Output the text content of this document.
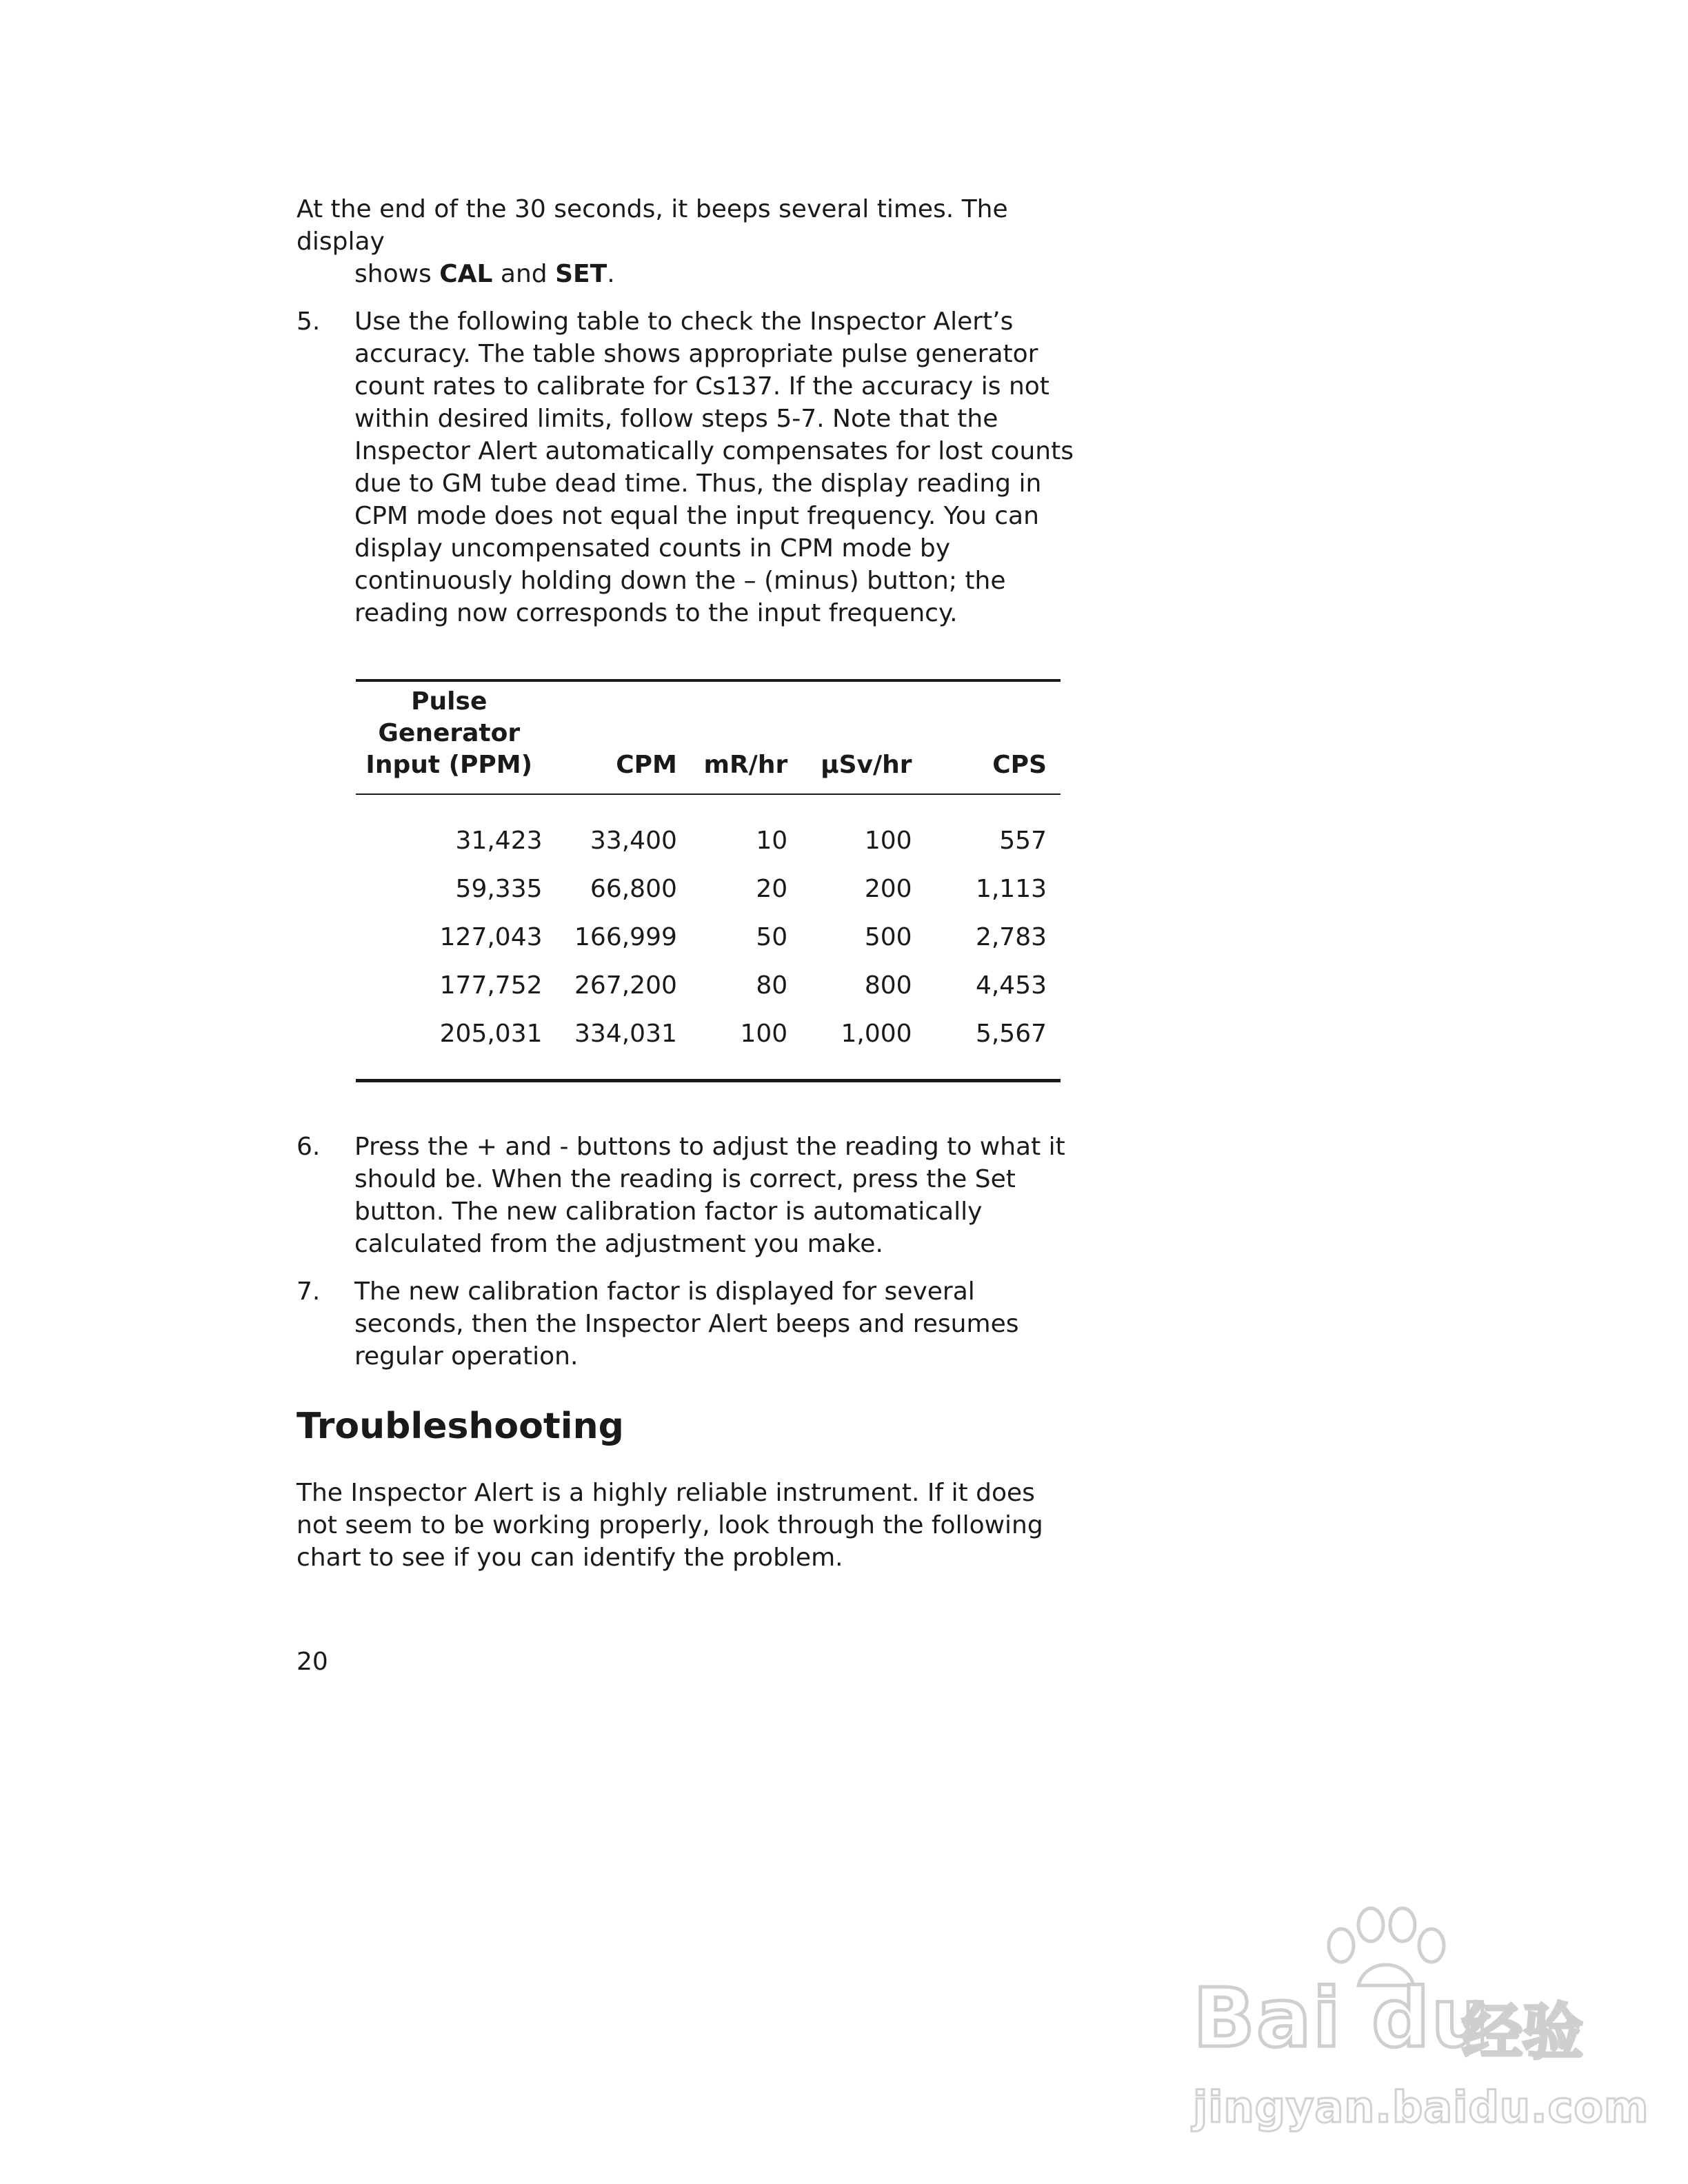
At the end of the 30 seconds, it beeps several times. The display
shows CAL and SET.

5.	Use the following table to check the Inspector Alert’s accuracy. The table shows appropriate pulse generator count rates to calibrate for Cs137. If the accuracy is not within desired limits, follow steps 5-7. Note that the Inspector Alert automatically compensates for lost counts due to GM tube dead time. Thus, the display reading in CPM mode does not equal the input frequency. You can display uncompensated counts in CPM mode by continuously holding down the – (minus) button; the reading now corresponds to the input frequency.
Pulse Generator
Input (PPM)	CPM	mR/hr	µSv/hr	CPS

31,423	33,400	10	100	557
59,335	66,800	20	200	1,113
127,043	166,999	50	500	2,783
177,752	267,200	80	800	4,453
205,031	334,031	100	1,000	5,567

6.	Press the + and - buttons to adjust the reading to what it should be. When the reading is correct, press the Set button. The new calibration factor is automatically calculated from the adjustment you make.
7.	The new calibration factor is displayed for several seconds, then the Inspector Alert beeps and resumes regular operation.
Troubleshooting

The Inspector Alert is a highly reliable instrument. If it does not seem to be working properly, look through the following chart to see if you can identify the problem.

20

Bai du
经验
jingyan.baidu.com
